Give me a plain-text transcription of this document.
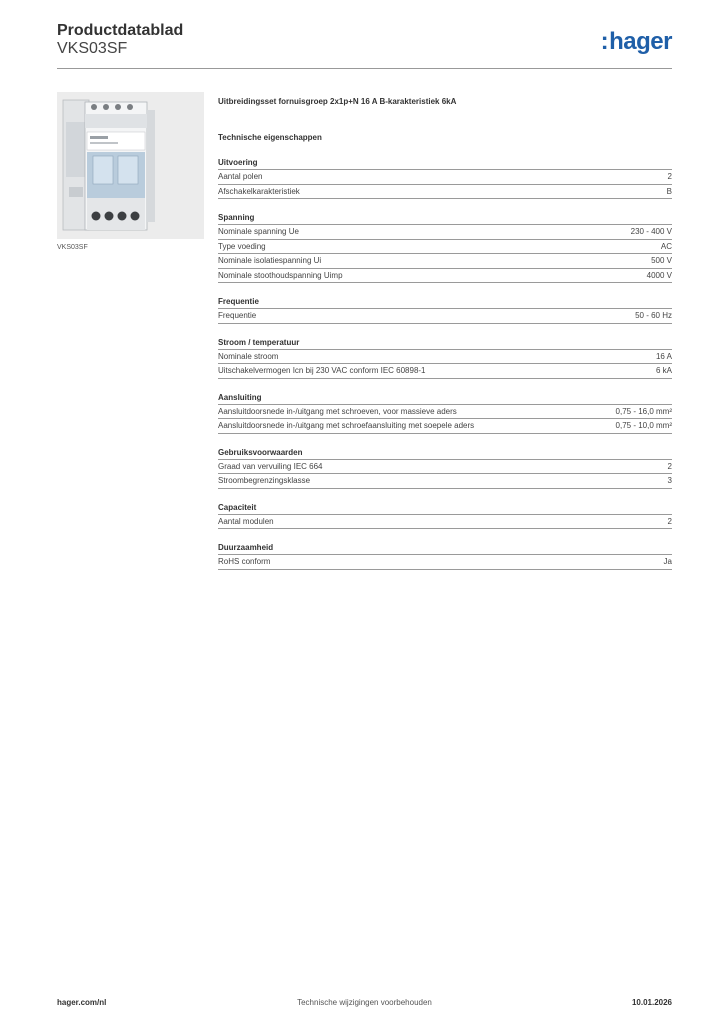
Productdatablad
VKS03SF	:hager
VKS03SF
Uitbreidingsset fornuisgroep 2x1p+N 16 A B-karakteristiek 6kA
Technische eigenschappen
Uitvoering
Aantal polen	2
Afschakelkarakteristiek	B
Spanning
Nominale spanning Ue	230 - 400 V
Type voeding	AC
Nominale isolatiespanning Ui	500 V
Nominale stoothoudspanning Uimp	4000 V
Frequentie
Frequentie	50 - 60 Hz
Stroom / temperatuur
Nominale stroom	16 A
Uitschakelvermogen Icn bij 230 VAC conform IEC 60898-1	6 kA
Aansluiting
Aansluitdoorsnede in-/uitgang met schroeven, voor massieve aders	0,75 - 16,0 mm²
Aansluitdoorsnede in-/uitgang met schroefaansluiting met soepele aders	0,75 - 10,0 mm²
Gebruiksvoorwaarden
Graad van vervuiling IEC 664	2
Stroombegrenzingsklasse	3
Capaciteit
Aantal modulen	2
Duurzaamheid
RoHS conform	Ja
hager.com/nl	Technische wijzigingen voorbehouden	10.01.2026
